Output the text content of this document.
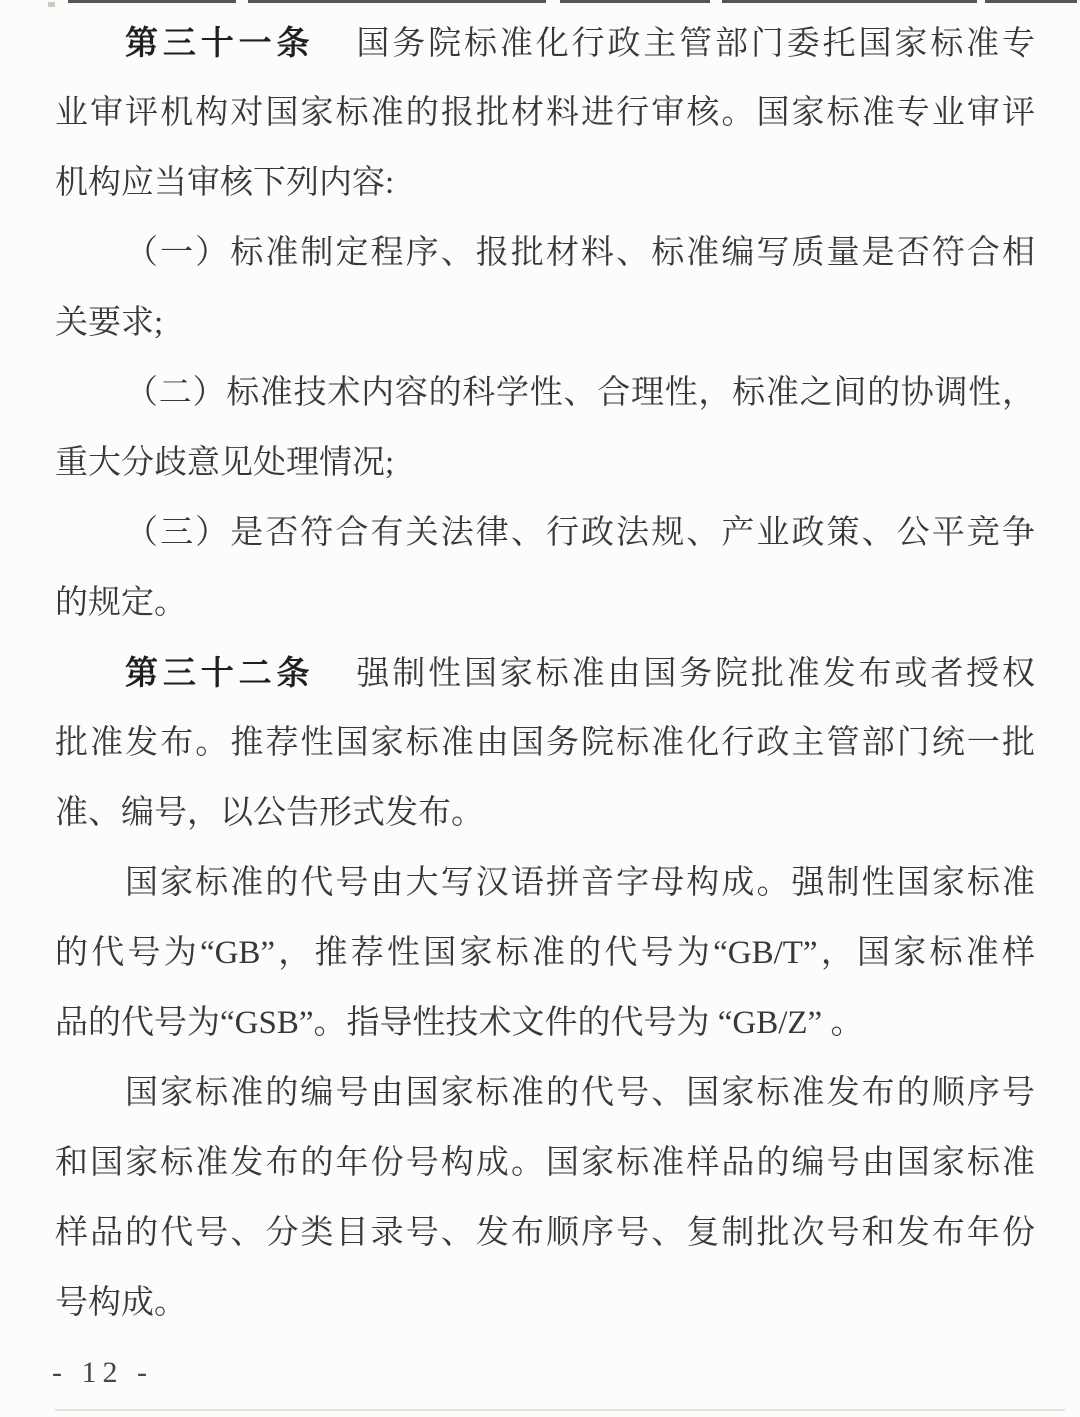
第三十一条 国务院标准化行政主管部门委托国家标准专
业审评机构对国家标准的报批材料进行审核。国家标准专业审评
机构应当审核下列内容:
（一）标准制定程序、报批材料、标准编写质量是否符合相
关要求;
（二）标准技术内容的科学性、合理性，标准之间的协调性，
重大分歧意见处理情况;
（三）是否符合有关法律、行政法规、产业政策、公平竞争
的规定。
第三十二条 强制性国家标准由国务院批准发布或者授权
批准发布。推荐性国家标准由国务院标准化行政主管部门统一批
准、编号，以公告形式发布。
国家标准的代号由大写汉语拼音字母构成。强制性国家标准
的代号为“GB”，推荐性国家标准的代号为“GB/T”，国家标准样
品的代号为“GSB”。指导性技术文件的代号为 “GB/Z” 。
国家标准的编号由国家标准的代号、国家标准发布的顺序号
和国家标准发布的年份号构成。国家标准样品的编号由国家标准
样品的代号、分类目录号、发布顺序号、复制批次号和发布年份
号构成。
- 12 -
